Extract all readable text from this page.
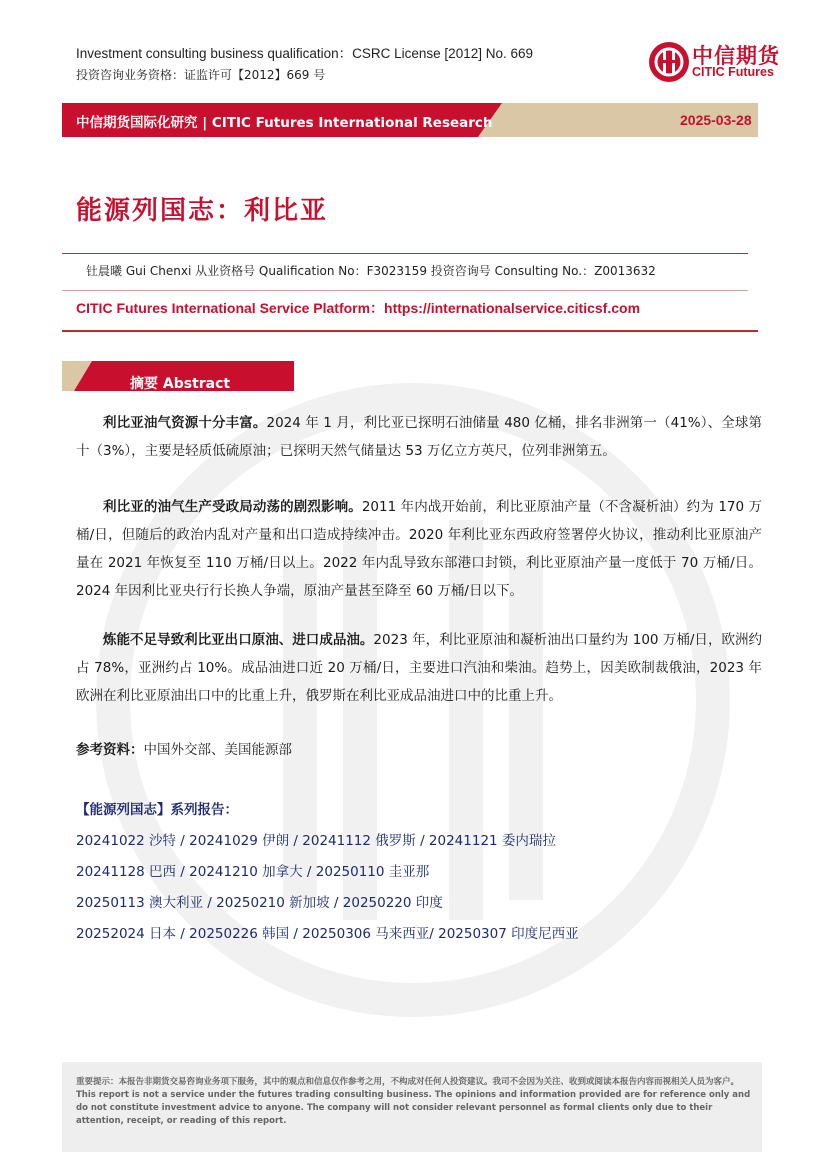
Investment consulting business qualification：CSRC License [2012] No. 669
投资咨询业务资格：证监许可【2012】669 号
中信期货
CITIC Futures
中信期货国际化研究 | CITIC Futures International Research	2025-03-28
能源列国志：利比亚
钍晨曦 Gui Chenxi 从业资格号 Qualification No：F3023159 投资咨询号 Consulting No.：Z0013632
CITIC Futures International Service Platform：https://internationalservice.citicsf.com
摘要 Abstract
利比亚油气资源十分丰富。2024 年 1 月，利比亚已探明石油储量 480 亿桶，排名非洲第一（41%）、全球第十（3%），主要是轻质低硫原油；已探明天然气储量达 53 万亿立方英尺，位列非洲第五。
利比亚的油气生产受政局动荡的剧烈影响。2011 年内战开始前，利比亚原油产量（不含凝析油）约为 170 万桶/日，但随后的政治内乱对产量和出口造成持续冲击。2020 年利比亚东西政府签署停火协议，推动利比亚原油产量在 2021 年恢复至 110 万桶/日以上。2022 年内乱导致东部港口封锁，利比亚原油产量一度低于 70 万桶/日。2024 年因利比亚央行行长换人争端，原油产量甚至降至 60 万桶/日以下。
炼能不足导致利比亚出口原油、进口成品油。2023 年，利比亚原油和凝析油出口量约为 100 万桶/日，欧洲约占 78%，亚洲约占 10%。成品油进口近 20 万桶/日，主要进口汽油和柴油。趋势上，因美欧制裁俄油，2023 年欧洲在利比亚原油出口中的比重上升，俄罗斯在利比亚成品油进口中的比重上升。
参考资料：中国外交部、美国能源部
【能源列国志】系列报告：
20241022 沙特 / 20241029 伊朗 / 20241112 俄罗斯 / 20241121 委内瑞拉
20241128 巴西 / 20241210 加拿大 / 20250110 圭亚那
20250113 澳大利亚 / 20250210 新加坡 / 20250220 印度
20252024 日本 / 20250226 韩国 / 20250306 马来西亚/ 20250307 印度尼西亚
重要提示：本报告非期货交易咨询业务项下服务，其中的观点和信息仅作参考之用，不构成对任何人投资建议。我司不会因为关注、收到或阅读本报告内容而视相关人员为客户。 This report is not a service under the futures trading consulting business. The opinions and information provided are for reference only and do not constitute investment advice to anyone. The company will not consider relevant personnel as formal clients only due to their attention, receipt, or reading of this report.
